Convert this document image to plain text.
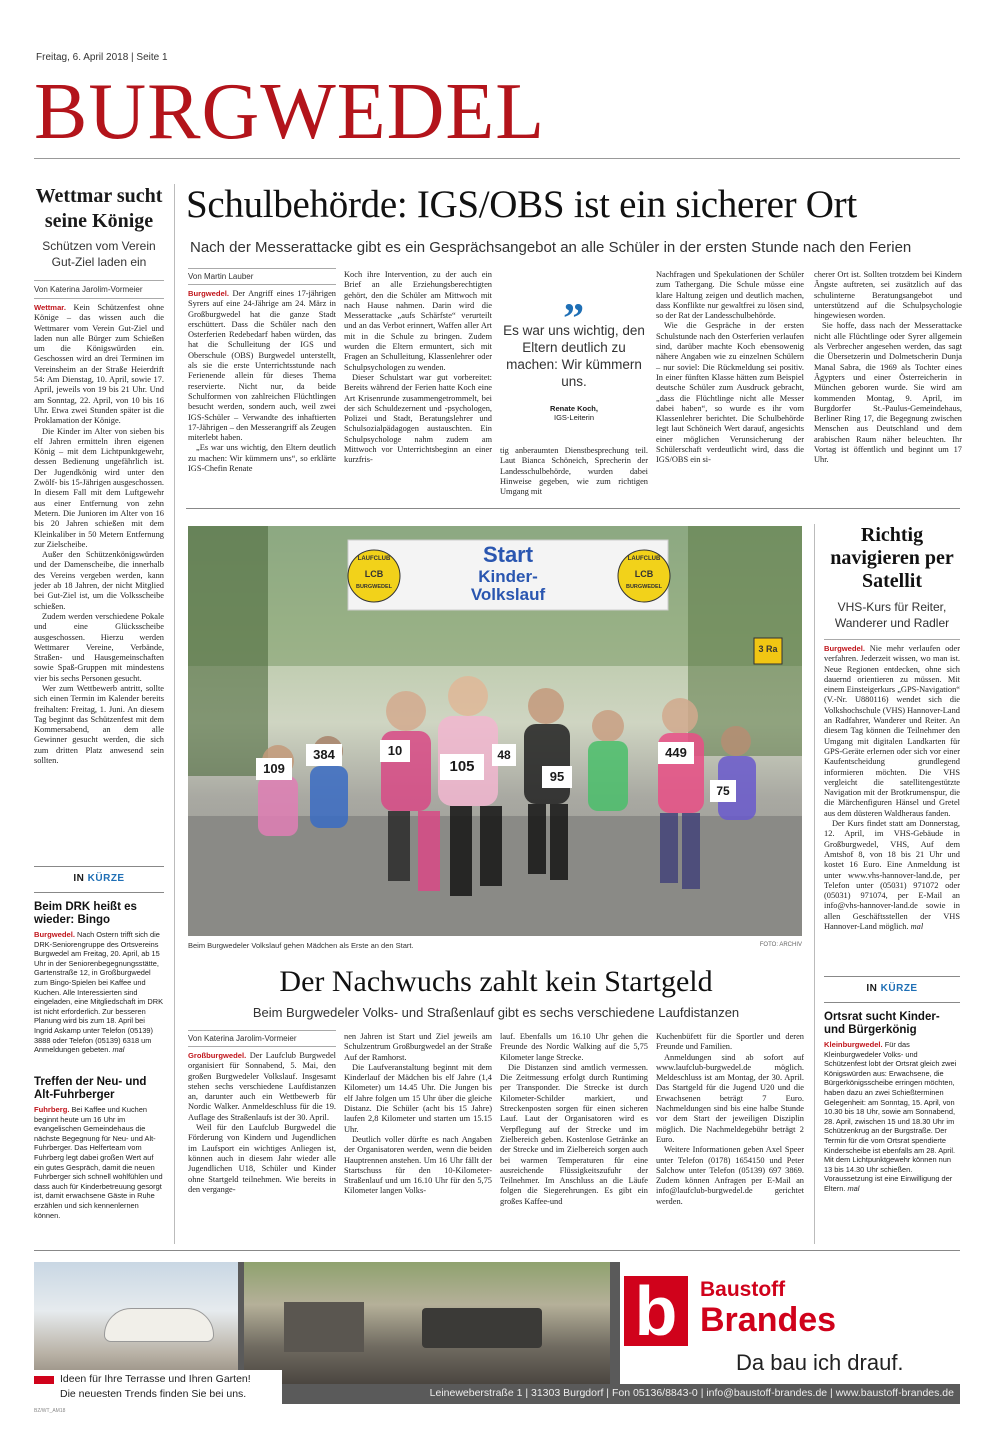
Freitag, 6. April 2018 | Seite 1
BURGWEDEL
Wettmar sucht seine Könige
Schützen vom Verein Gut-Ziel laden ein
Von Katerina Jarolim-Vormeier

Wettmar. Kein Schützenfest ohne Könige – das wissen auch die Wettmarer vom Verein Gut-Ziel und laden nun alle Bürger zum Schießen um die Königswürden ein. Geschossen wird an drei Terminen im Vereinsheim an der Straße Heierdrift 54: Am Dienstag, 10. April, sowie 17. April, jeweils von 19 bis 21 Uhr. Und am Sonntag, 22. April, von 10 bis 16 Uhr. Etwa zwei Stunden später ist die Proklamation der Könige.

Die Kinder im Alter von sieben bis elf Jahren ermitteln ihren eigenen König – mit dem Lichtpunktgewehr, dessen Bedienung ungefährlich ist. Der Jugendkönig wird unter den Zwölf- bis 15-Jährigen ausgeschossen. In diesem Fall mit dem Luftgewehr aus einer Entfernung von zehn Metern. Die Junioren im Alter von 16 bis 20 Jahren schießen mit dem Kleinkaliber in 50 Metern Entfernung zur Zielscheibe.

Außer den Schützenkönigswürden und der Damenscheibe, die innerhalb des Vereins vergeben werden, kann jeder ab 18 Jahren, der nicht Mitglied bei Gut-Ziel ist, um die Volksscheibe schießen.

Zudem werden verschiedene Pokale und eine Glücksscheibe ausgeschossen. Hierzu werden Wettmarer Vereine, Verbände, Straßen- und Hausgemeinschaften sowie Spaß-Gruppen mit mindestens vier bis sechs Personen gesucht.

Wer zum Wettbewerb antritt, sollte sich einen Termin im Kalender bereits freihalten: Freitag, 1. Juni. An diesem Tag beginnt das Schützenfest mit dem Kommersabend, an dem alle Gewinner gesucht werden, die sich zum dritten Platz anwesend sein sollten.

IN KÜRZE
Beim DRK heißt es wieder: Bingo
Burgwedel. Nach Ostern trifft sich die DRK-Seniorengruppe des Ortsvereins Burgwedel am Freitag, 20. April, ab 15 Uhr in der Seniorenbegegnungsstätte, Gartenstraße 12, in Großburgwedel zum Bingo-Spielen bei Kaffee und Kuchen. Alle Interessierten sind eingeladen, eine Mitgliedschaft im DRK ist nicht erforderlich. Zur besseren Planung wird bis zum 18. April bei Ingrid Askamp unter Telefon (05139) 3888 oder Telefon (05139) 6318 um Anmeldungen gebeten. mal
Treffen der Neu- und Alt-Fuhrberger
Fuhrberg. Bei Kaffee und Kuchen beginnt heute um 16 Uhr im evangelischen Gemeindehaus die nächste Begegnung für Neu- und Alt-Fuhrberger. Das Helferteam vom Fuhrberg legt dabei großen Wert auf ein gutes Gespräch, damit die neuen Fuhrberger sich schnell wohlfühlen und dass auch für Kinderbetreuung gesorgt ist, damit erwachsene Gäste in Ruhe erzählen und sich kennenlernen können.
Schulbehörde: IGS/OBS ist ein sicherer Ort
Nach der Messerattacke gibt es ein Gesprächsangebot an alle Schüler in der ersten Stunde nach den Ferien
Von Martin Lauber

Burgwedel. Der Angriff eines 17-jährigen Syrers auf eine 24-Jährige am 24. März in Großburgwedel hat die ganze Stadt erschüttert. Dass die Schüler nach den Osterferien Redebedarf haben würden, das hat die Schulleitung der IGS und Oberschule (OBS) Burgwedel unterstellt, als sie die erste Unterrichtsstunde nach Ferienende allein für dieses Thema reservierte. Nicht nur, da beide Schulformen von zahlreichen Flüchtlingen besucht werden, sondern auch, weil zwei IGS-Schüler – Verwandte des inhaftierten 17-Jährigen – den Messerangriff als Zeugen miterlebt haben.

„Es war uns wichtig, den Eltern deutlich zu machen: Wir kümmern uns“, so erklärte IGS-Chefin Renate

Koch ihre Intervention, zu der auch ein Brief an alle Erziehungsberechtigten gehört, den die Schüler am Mittwoch mit nach Hause nahmen. Darin wird die Messerattacke „aufs Schärfste“ verurteilt und an das Verbot erinnert, Waffen aller Art mit in die Schule zu bringen. Zudem wurden die Eltern ermuntert, sich mit Fragen an Schulleitung, Klassenlehrer oder Schulpsychologen zu wenden.

Dieser Schulstart war gut vorbereitet: Bereits während der Ferien hatte Koch eine Art Krisenrunde zusammengetrommelt, bei der sich Schuldezernent und -psychologen, Polizei und Stadt, Beratungslehrer und Schulsozialpädagogen austauschten. Ein Schulpsychologe nahm zudem am Mittwoch vor Unterrichtsbeginn an einer kurzfris-

„
Es war uns wichtig, den Eltern deutlich zu machen: Wir kümmern uns.
Renate Koch,
IGS-Leiterin

tig anberaumten Dienstbesprechung teil. Laut Bianca Schöneich, Sprecherin der Landesschulbehörde, wurden dabei Hinweise gegeben, wie zum richtigen Umgang mit

Nachfragen und Spekulationen der Schüler zum Tathergang. Die Schule müsse eine klare Haltung zeigen und deutlich machen, dass Konflikte nur gewaltfrei zu lösen sind, so der Rat der Landesschulbehörde.

Wie die Gespräche in der ersten Schulstunde nach den Osterferien verlaufen sind, darüber machte Koch ebensowenig nähere Angaben wie zu einzelnen Schülern – nur soviel: Die Rückmeldung sei positiv. In einer fünften Klasse hätten zum Beispiel deutsche Schüler zum Ausdruck gebracht, „dass die Flüchtlinge nicht alle Messer dabei haben“, so wurde es ihr vom Klassenlehrer berichtet. Die Schulbehörde legt laut Schöneich Wert darauf, angesichts einer möglichen Verunsicherung der Schülerschaft verdeutlicht wird, dass die IGS/OBS ein si-

cherer Ort ist. Sollten trotzdem bei Kindern Ängste auftreten, sei zusätzlich auf das schulinterne Beratungsangebot und unterstützend auf die Schulpsychologie hingewiesen worden.

Sie hoffe, dass nach der Messerattacke nicht alle Flüchtlinge oder Syrer allgemein als Verbrecher angesehen werden, das sagt die Übersetzerin und Dolmetscherin Dunja Manal Sabra, die 1969 als Tochter eines Ägypters und einer Österreicherin in München geboren wurde. Sie wird am kommenden Montag, 9. April, im Burgdorfer St.-Paulus-Gemeindehaus, Berliner Ring 17, die Begegnung zwischen Menschen aus Deutschland und dem arabischen Raum näher beleuchten. Ihr Vortag ist öffentlich und beginnt um 17 Uhr.

Start
Kinder-
Volkslauf
LAUFCLUB
LCB
BURGWEDEL
LAUFCLUB
LCB
BURGWEDEL
3 Ra
109
384	10
105
48
95
449
75
Beim Burgwedeler Volkslauf gehen Mädchen als Erste an den Start.	FOTO: ARCHIV
Richtig navigieren per Satellit
VHS-Kurs für Reiter, Wanderer und Radler

Burgwedel. Nie mehr verlaufen oder verfahren. Jederzeit wissen, wo man ist. Neue Regionen entdecken, ohne sich dauernd orientieren zu müssen. Mit einem Einsteigerkurs „GPS-Navigation“ (V.-Nr. U880116) wendet sich die Volkshochschule (VHS) Hannover-Land an Radfahrer, Wanderer und Reiter. An diesem Tag können die Teilnehmer den Umgang mit digitalen Landkarten für GPS-Geräte erlernen oder sich vor einer Kaufentscheidung grundlegend informieren möchten. Die VHS vergleicht die satellitengestützte Navigation mit der Brotkrumenspur, die die Märchenfiguren Hänsel und Gretel aus dem düsteren Waldheraus fanden.

Der Kurs findet statt am Donnerstag, 12. April, im VHS-Gebäude in Großburgwedel, VHS, Auf dem Amtshof 8, von 18 bis 21 Uhr und kostet 16 Euro. Eine Anmeldung ist unter www.vhs-hannover-land.de, per Telefon unter (05031) 971072 oder (05031) 971074, per E-Mail an info@vhs-hannover-land.de sowie in allen Geschäftsstellen der VHS Hannover-Land möglich. mal

IN KÜRZE
Ortsrat sucht Kinder- und Bürgerkönig
Kleinburgwedel. Für das Kleinburgwedeler Volks- und Schützenfest lobt der Ortsrat gleich zwei Königswürden aus: Erwachsene, die Bürgerkönigsscheibe erringen möchten, haben dazu an zwei Schießterminen Gelegenheit: am Sonntag, 15. April, von 10.30 bis 18 Uhr, sowie am Sonnabend, 28. April, zwischen 15 und 18.30 Uhr im Schützenkrug an der Burgstraße. Der Termin für die vom Ortsrat spendierte Kinderscheibe ist ebenfalls am 28. April. Mit dem Lichtpunktgewehr können nun 13 bis 14.30 Uhr schießen. Voraussetzung ist eine Einwilligung der Eltern. mal
Der Nachwuchs zahlt kein Startgeld
Beim Burgwedeler Volks- und Straßenlauf gibt es sechs verschiedene Laufdistanzen
Von Katerina Jarolim-Vormeier

Großburgwedel. Der Laufclub Burgwedel organisiert für Sonnabend, 5. Mai, den großen Burgwedeler Volkslauf. Insgesamt stehen sechs verschiedene Laufdistanzen an, darunter auch ein Wettbewerb für Nordic Walker. Anmeldeschluss für die 19. Auflage des Straßenlaufs ist der 30. April.

Weil für den Laufclub Burgwedel die Förderung von Kindern und Jugendlichen im Laufsport ein wichtiges Anliegen ist, können auch in diesem Jahr wieder alle Jugendlichen U18, Schüler und Kinder ohne Startgeld teilnehmen. Wie bereits in den vergange-

nen Jahren ist Start und Ziel jeweils am Schulzentrum Großburgwedel an der Straße Auf der Ramhorst.

Die Laufveranstaltung beginnt mit dem Kinderlauf der Mädchen bis elf Jahre (1,4 Kilometer) um 14.45 Uhr. Die Jungen bis elf Jahre folgen um 15 Uhr über die gleiche Distanz. Die Schüler (acht bis 15 Jahre) laufen 2,8 Kilometer und starten um 15.15 Uhr.

Deutlich voller dürfte es nach Angaben der Organisatoren werden, wenn die beiden Hauptrennen anstehen. Um 16 Uhr fällt der Startschuss für den 10-Kilometer-Straßenlauf und um 16.10 Uhr für den 5,75 Kilometer langen Volks-

lauf. Ebenfalls um 16.10 Uhr gehen die Freunde des Nordic Walking auf die 5,75 Kilometer lange Strecke.

Die Distanzen sind amtlich vermessen. Die Zeitmessung erfolgt durch Runtiming per Transponder. Die Strecke ist durch Kilometer-Schilder markiert, und Streckenposten sorgen für einen sicheren Lauf. Laut der Organisatoren wird es Verpflegung auf der Strecke und im Zielbereich geben. Kostenlose Getränke an der Strecke und im Zielbereich sorgen auch bei warmen Temperaturen für eine ausreichende Flüssigkeitszufuhr der Teilnehmer. Im Anschluss an die Läufe folgen die Siegerehrungen. Es gibt ein großes Kaffee-und

Kuchenbüfett für die Sportler und deren Freunde und Familien.

Anmeldungen sind ab sofort auf www.laufclub-burgwedel.de möglich. Meldeschluss ist am Montag, der 30. April. Das Startgeld für die Jugend U20 und die Erwachsenen beträgt 7 Euro. Nachmeldungen sind bis eine halbe Stunde vor dem Start der jeweiligen Disziplin möglich. Die Nachmeldegebühr beträgt 2 Euro.

Weitere Informationen geben Axel Speer unter Telefon (0178) 1654150 und Peter Salchow unter Telefon (05139) 697 3869. Zudem können Anfragen per E-Mail an info@laufclub-burgwedel.de gerichtet werden.

b	Baustoff
Brandes
Da bau ich drauf.
Ideen für Ihre Terrasse und Ihren Garten!
Die neuesten Trends finden Sie bei uns.	Leineweberstraße 1 | 31303 Burgdorf | Fon 05136/8843-0 | info@baustoff-brandes.de | www.baustoff-brandes.de
BZ/WT_AM18
